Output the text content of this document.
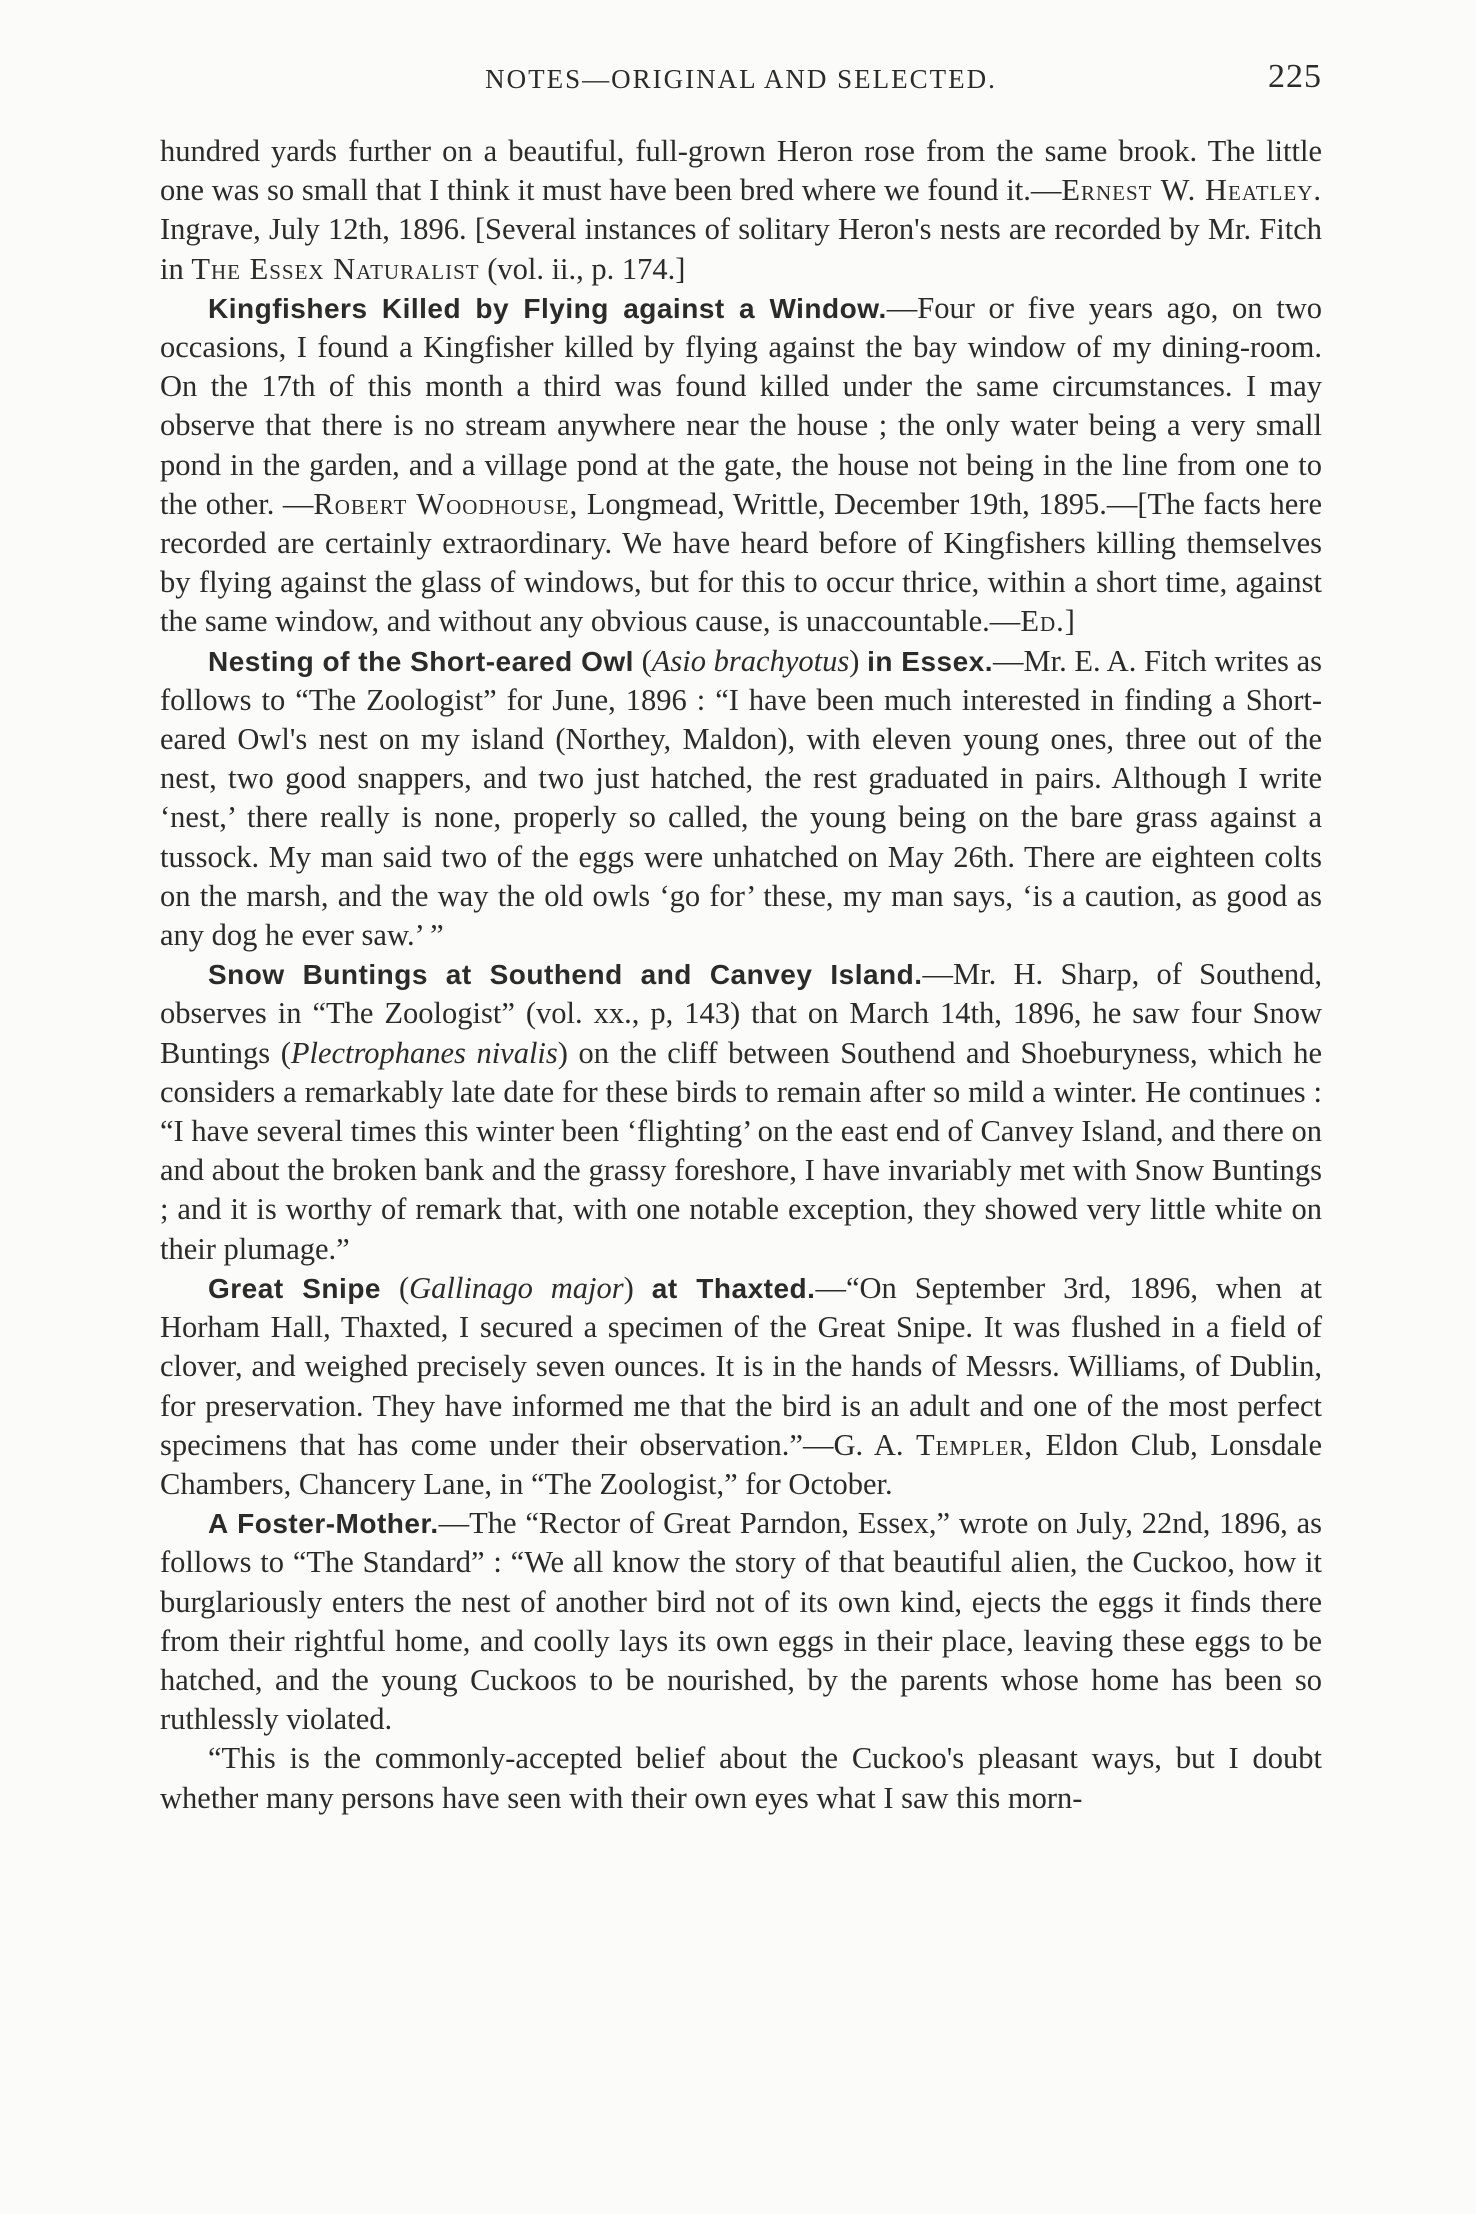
NOTES—ORIGINAL AND SELECTED.	225

hundred yards further on a beautiful, full-grown Heron rose from the same brook. The little one was so small that I think it must have been bred where we found it.—Ernest W. Heatley. Ingrave, July 12th, 1896. [Several instances of solitary Heron's nests are recorded by Mr. Fitch in The Essex Naturalist (vol. ii., p. 174.]

Kingfishers Killed by Flying against a Window.—Four or five years ago, on two occasions, I found a Kingfisher killed by flying against the bay window of my dining-room. On the 17th of this month a third was found killed under the same circumstances. I may observe that there is no stream anywhere near the house ; the only water being a very small pond in the garden, and a village pond at the gate, the house not being in the line from one to the other. —Robert Woodhouse, Longmead, Writtle, December 19th, 1895.—[The facts here recorded are certainly extraordinary. We have heard before of Kingfishers killing themselves by flying against the glass of windows, but for this to occur thrice, within a short time, against the same window, and without any obvious cause, is unaccountable.—Ed.]

Nesting of the Short-eared Owl (Asio brachyotus) in Essex.—Mr. E. A. Fitch writes as follows to “The Zoologist” for June, 1896 : “I have been much interested in finding a Short-eared Owl's nest on my island (Northey, Maldon), with eleven young ones, three out of the nest, two good snappers, and two just hatched, the rest graduated in pairs. Although I write ‘nest,’ there really is none, properly so called, the young being on the bare grass against a tussock. My man said two of the eggs were unhatched on May 26th. There are eighteen colts on the marsh, and the way the old owls ‘go for’ these, my man says, ‘is a caution, as good as any dog he ever saw.’ ”

Snow Buntings at Southend and Canvey Island.—Mr. H. Sharp, of Southend, observes in “The Zoologist” (vol. xx., p, 143) that on March 14th, 1896, he saw four Snow Buntings (Plectrophanes nivalis) on the cliff between Southend and Shoeburyness, which he considers a remarkably late date for these birds to remain after so mild a winter. He continues : “I have several times this winter been ‘flighting’ on the east end of Canvey Island, and there on and about the broken bank and the grassy foreshore, I have invariably met with Snow Buntings ; and it is worthy of remark that, with one notable exception, they showed very little white on their plumage.”

Great Snipe (Gallinago major) at Thaxted.—“On September 3rd, 1896, when at Horham Hall, Thaxted, I secured a specimen of the Great Snipe. It was flushed in a field of clover, and weighed precisely seven ounces. It is in the hands of Messrs. Williams, of Dublin, for preservation. They have informed me that the bird is an adult and one of the most perfect specimens that has come under their observation.”—G. A. Templer, Eldon Club, Lonsdale Chambers, Chancery Lane, in “The Zoologist,” for October.

A Foster-Mother.—The “Rector of Great Parndon, Essex,” wrote on July, 22nd, 1896, as follows to “The Standard” : “We all know the story of that beautiful alien, the Cuckoo, how it burglariously enters the nest of another bird not of its own kind, ejects the eggs it finds there from their rightful home, and coolly lays its own eggs in their place, leaving these eggs to be hatched, and the young Cuckoos to be nourished, by the parents whose home has been so ruthlessly violated.

“This is the commonly-accepted belief about the Cuckoo's pleasant ways, but I doubt whether many persons have seen with their own eyes what I saw this morn-
